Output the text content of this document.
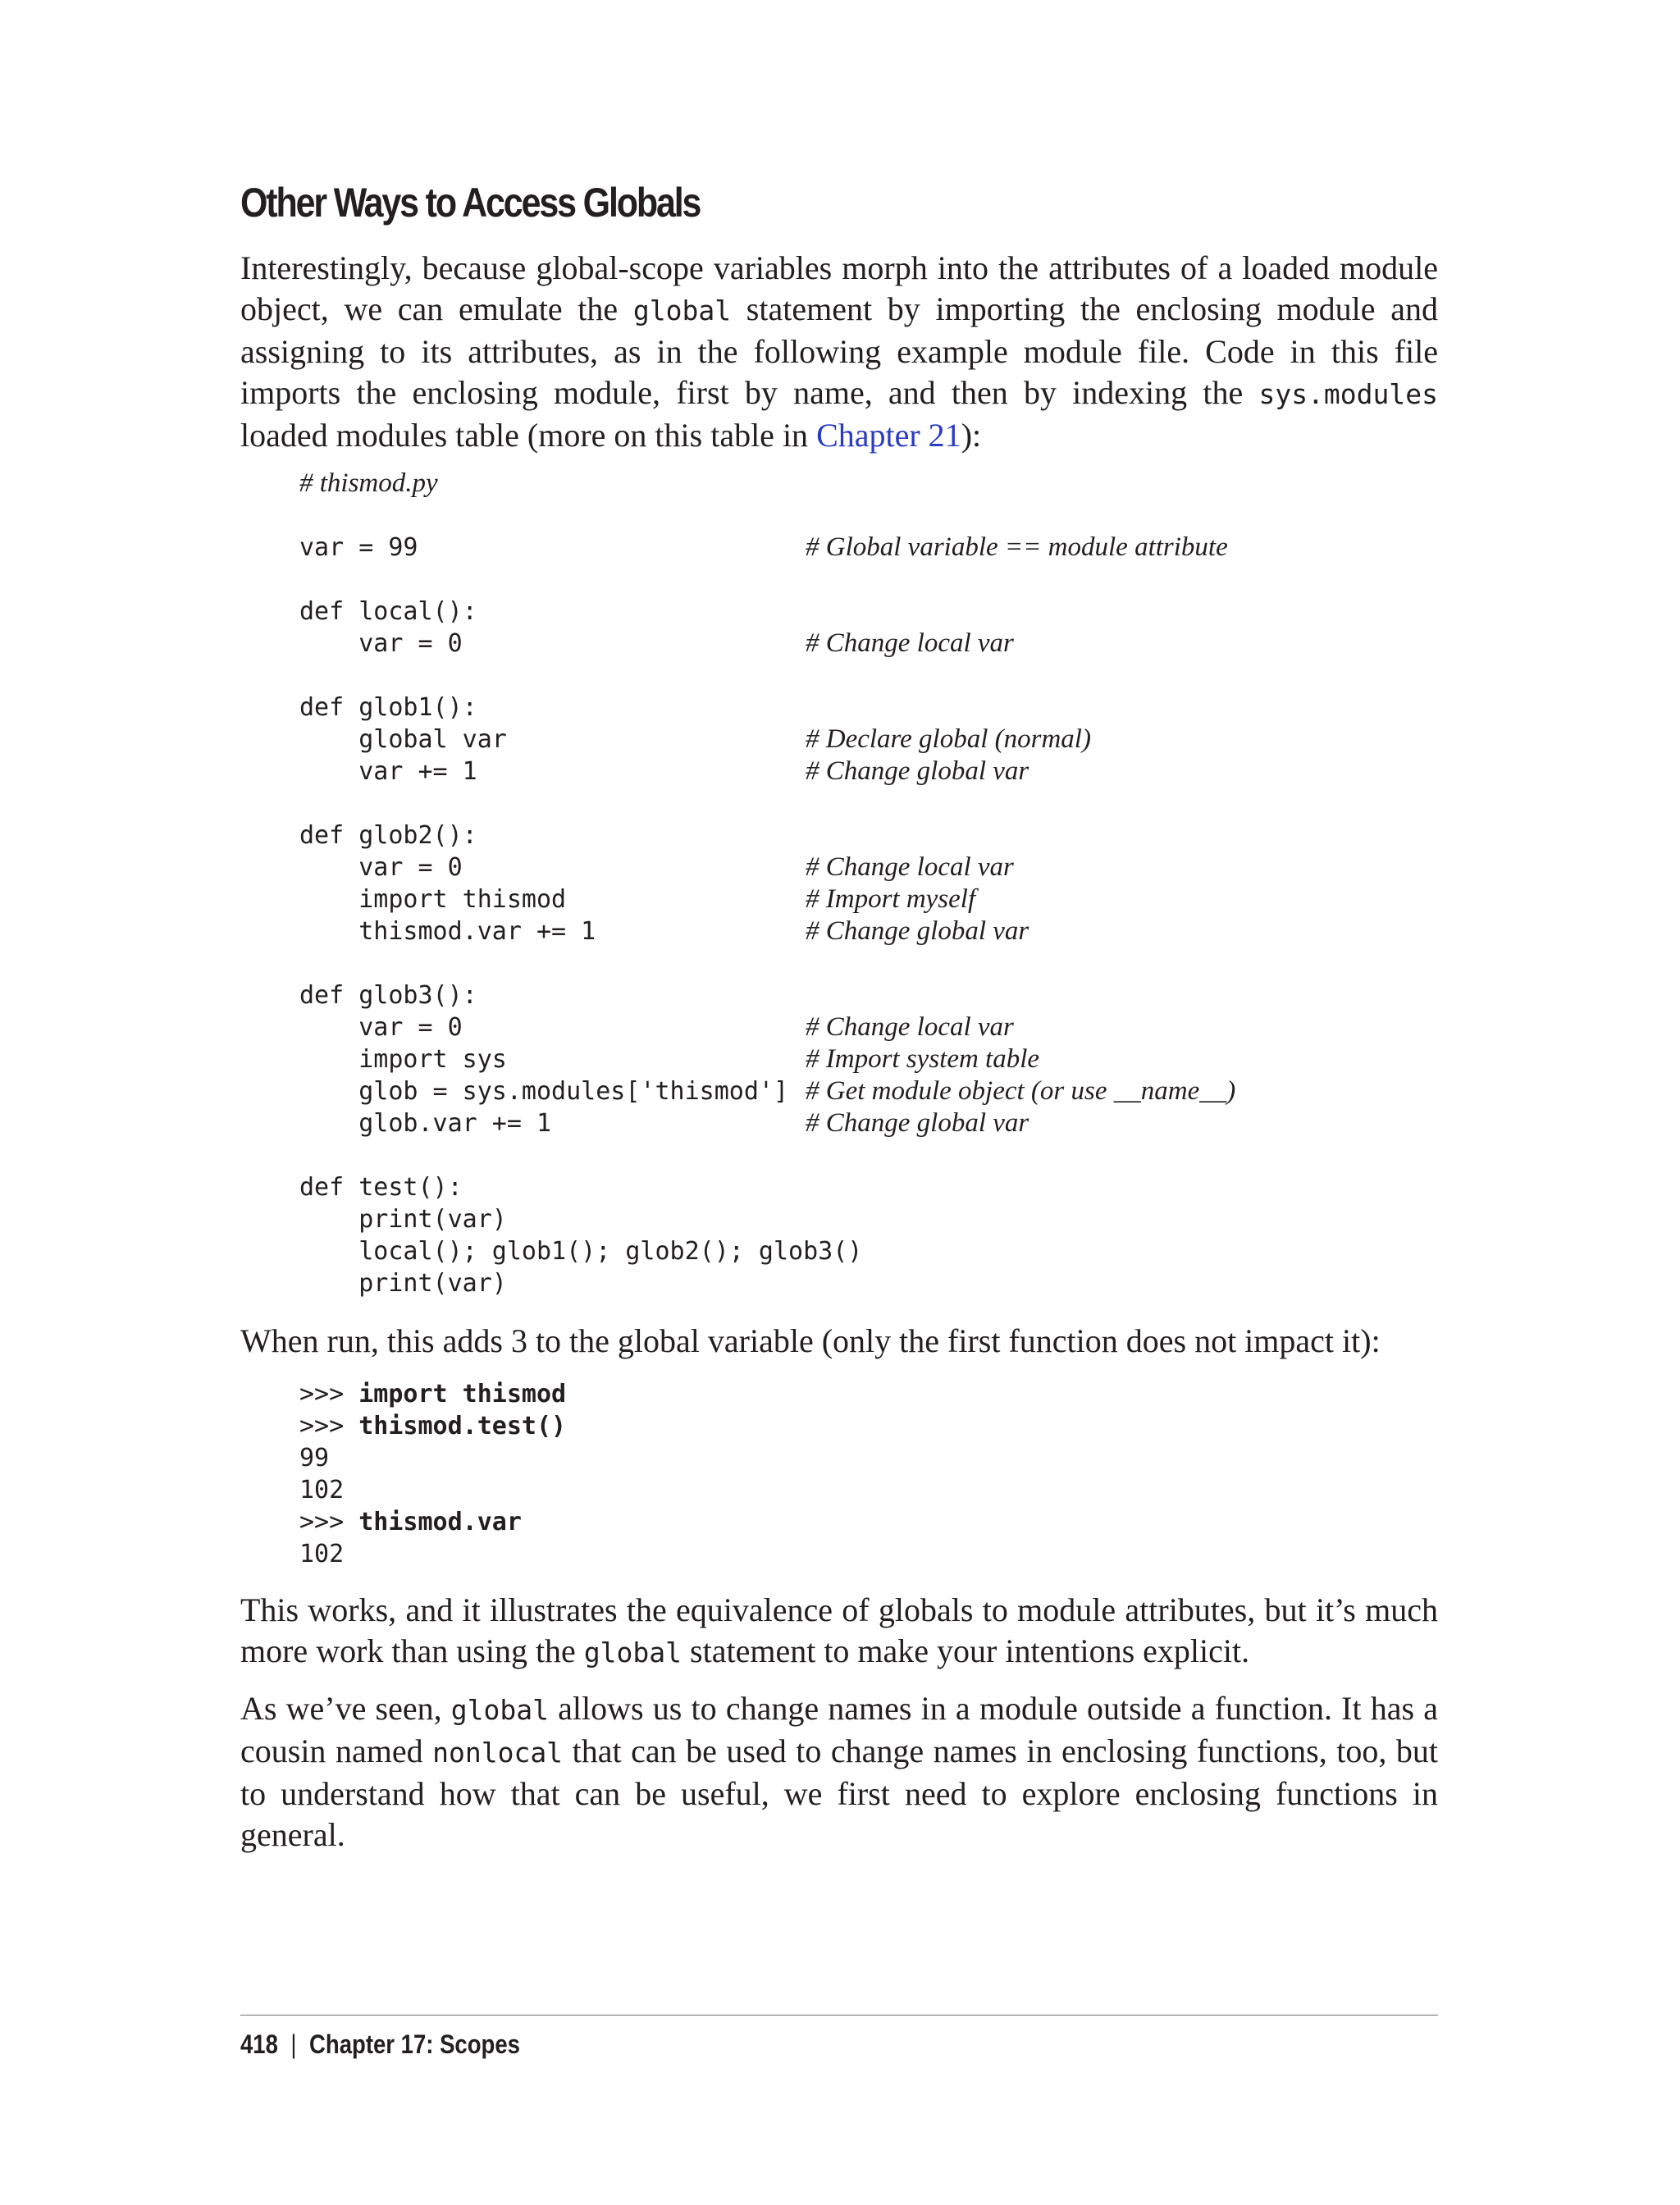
Other Ways to Access Globals

Interestingly, because global-scope variables morph into the attributes of a loaded module object, we can emulate the global statement by importing the enclosing module and assigning to its attributes, as in the following example module file. Code in this file imports the enclosing module, first by name, and then by indexing the sys.modules loaded modules table (more on this table in Chapter 21):

# thismod.py
var = 99	# Global variable == module attribute
def local():
var = 0	# Change local var
def glob1():
global var	# Declare global (normal)
var += 1	# Change global var
def glob2():
var = 0	# Change local var
import thismod	# Import myself
thismod.var += 1	# Change global var
def glob3():
var = 0	# Change local var
import sys	# Import system table
glob = sys.modules['thismod'] # Get module object (or use __name__)
glob.var += 1	# Change global var
def test():
print(var)
local(); glob1(); glob2(); glob3()
print(var)

When run, this adds 3 to the global variable (only the first function does not impact it):

>>> import thismod
>>> thismod.test()
99
102
>>> thismod.var
102

This works, and it illustrates the equivalence of globals to module attributes, but it’s much more work than using the global statement to make your intentions explicit.

As we’ve seen, global allows us to change names in a module outside a function. It has a cousin named nonlocal that can be used to change names in enclosing functions, too, but to understand how that can be useful, we first need to explore enclosing functions in general.

418 | Chapter 17: Scopes
